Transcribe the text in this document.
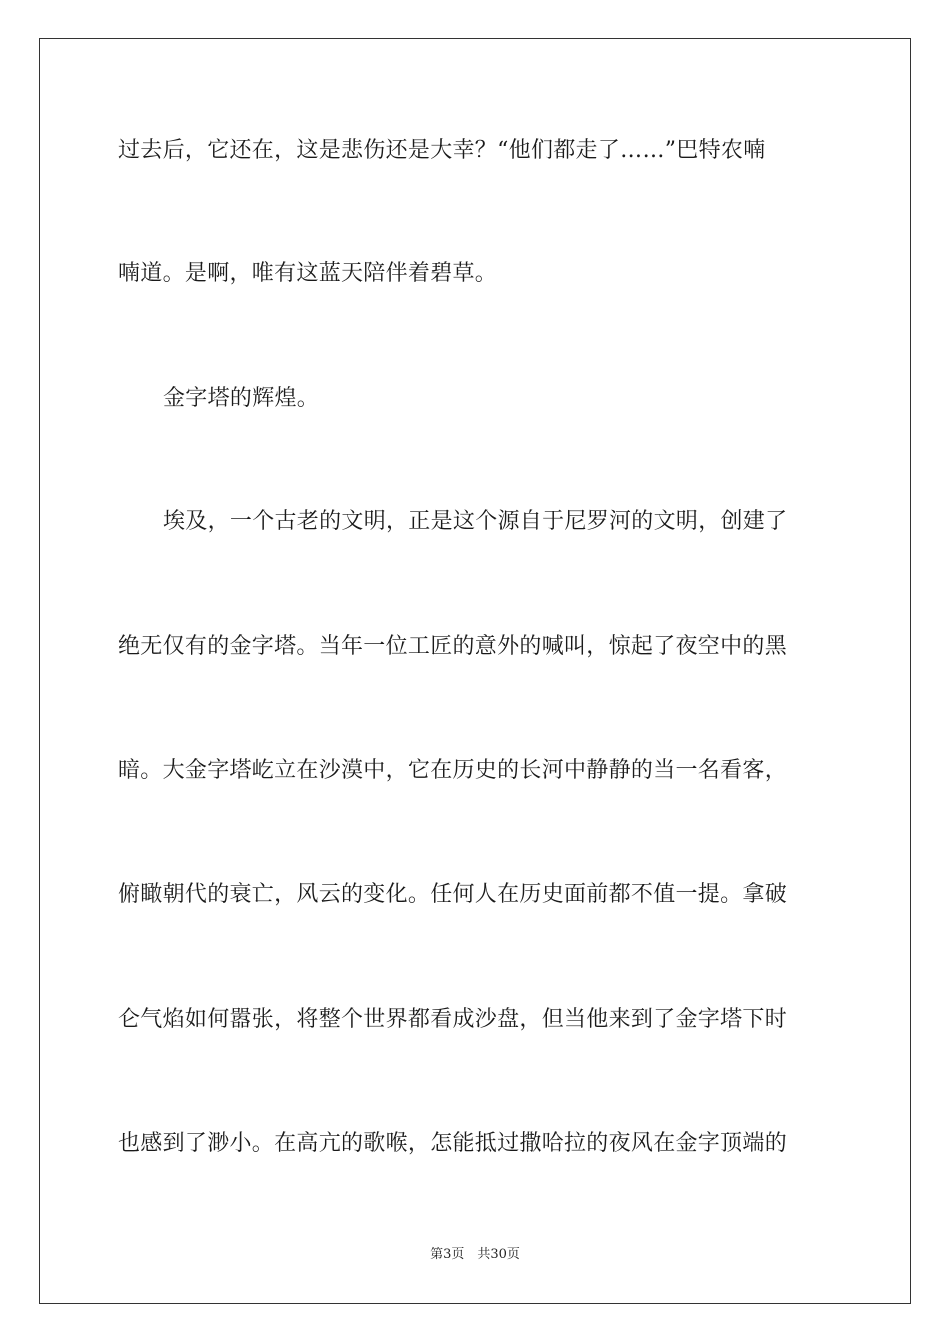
过去后，它还在，这是悲伤还是大幸？“他们都走了……”巴特农喃
喃道。是啊，唯有这蓝天陪伴着碧草。
金字塔的辉煌。
埃及，一个古老的文明，正是这个源自于尼罗河的文明，创建了
绝无仅有的金字塔。当年一位工匠的意外的喊叫，惊起了夜空中的黑
暗。大金字塔屹立在沙漠中，它在历史的长河中静静的当一名看客，
俯瞰朝代的衰亡，风云的变化。任何人在历史面前都不值一提。拿破
仑气焰如何嚣张，将整个世界都看成沙盘，但当他来到了金字塔下时
也感到了渺小。在高亢的歌喉，怎能抵过撒哈拉的夜风在金字顶端的
第3页　共30页
